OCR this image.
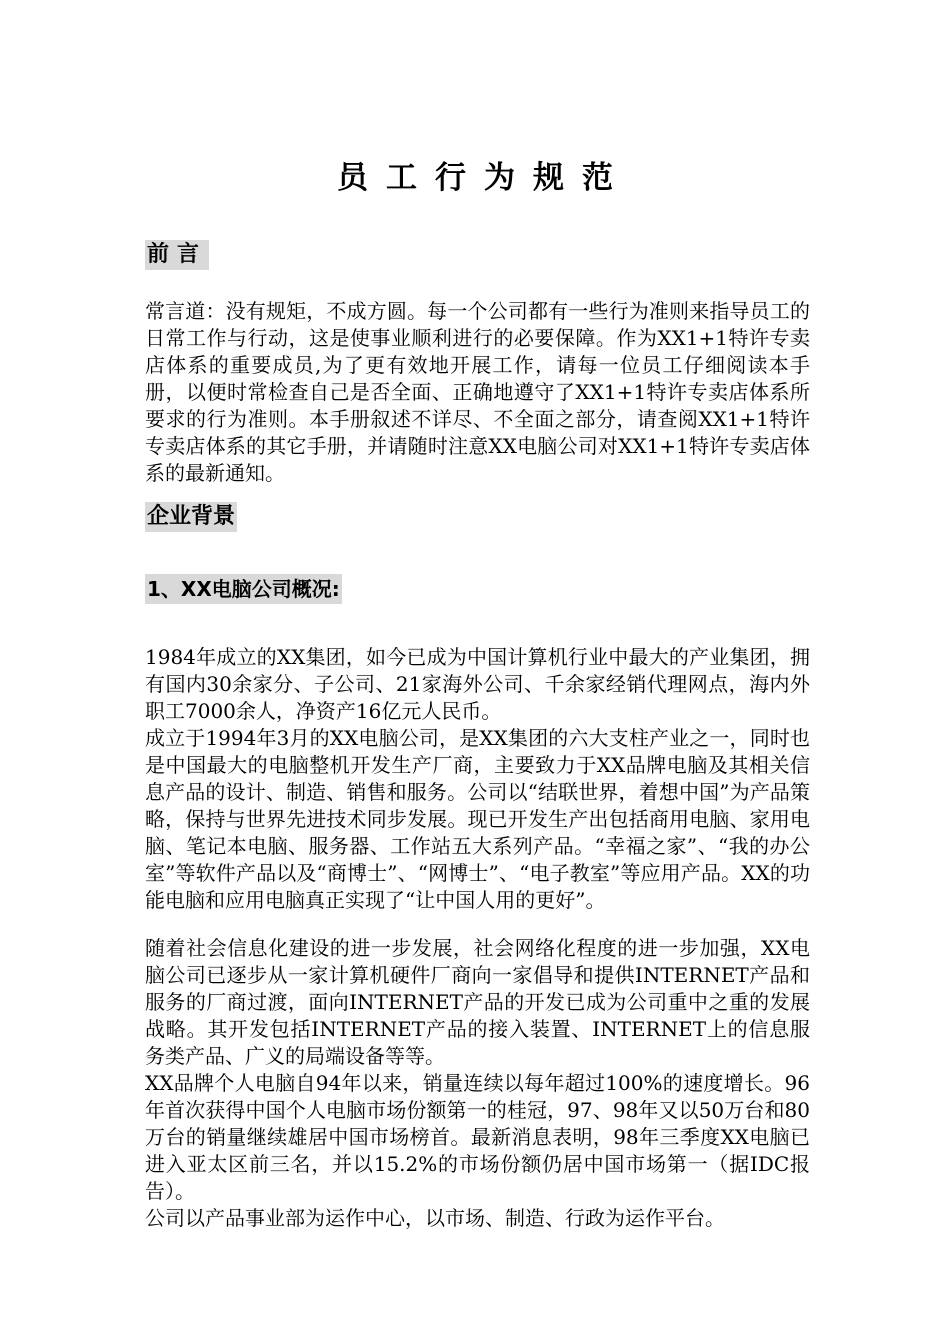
员工行为规范
前言

常言道：没有规矩，不成方圆。每一个公司都有一些行为准则来指导员工的日常工作与行动，这是使事业顺利进行的必要保障。作为XX1+1特许专卖店体系的重要成员,为了更有效地开展工作，请每一位员工仔细阅读本手册，以便时常检查自己是否全面、正确地遵守了XX1+1特许专卖店体系所要求的行为准则。本手册叙述不详尽、不全面之部分，请查阅XX1+1特许专卖店体系的其它手册，并请随时注意XX电脑公司对XX1+1特许专卖店体系的最新通知。

企业背景
1、XX电脑公司概况:

1984年成立的XX集团，如今已成为中国计算机行业中最大的产业集团，拥有国内30余家分、子公司、21家海外公司、千余家经销代理网点，海内外职工7000余人，净资产16亿元人民币。

成立于1994年3月的XX电脑公司，是XX集团的六大支柱产业之一，同时也是中国最大的电脑整机开发生产厂商，主要致力于XX品牌电脑及其相关信息产品的设计、制造、销售和服务。公司以“结联世界，着想中国”为产品策略，保持与世界先进技术同步发展。现已开发生产出包括商用电脑、家用电脑、笔记本电脑、服务器、工作站五大系列产品。“幸福之家”、“我的办公室”等软件产品以及“商博士”、“网博士”、“电子教室”等应用产品。XX的功能电脑和应用电脑真正实现了“让中国人用的更好”。

随着社会信息化建设的进一步发展，社会网络化程度的进一步加强，XX电脑公司已逐步从一家计算机硬件厂商向一家倡导和提供INTERNET产品和服务的厂商过渡，面向INTERNET产品的开发已成为公司重中之重的发展战略。其开发包括INTERNET产品的接入装置、INTERNET上的信息服务类产品、广义的局端设备等等。

XX品牌个人电脑自94年以来，销量连续以每年超过100%的速度增长。96年首次获得中国个人电脑市场份额第一的桂冠，97、98年又以50万台和80万台的销量继续雄居中国市场榜首。最新消息表明，98年三季度XX电脑已进入亚太区前三名，并以15.2%的市场份额仍居中国市场第一（据IDC报告）。

公司以产品事业部为运作中心，以市场、制造、行政为运作平台。
